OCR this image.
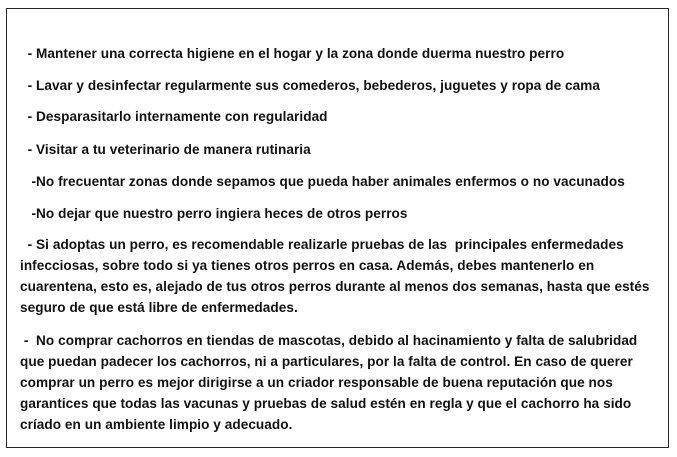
- Mantener una correcta higiene en el hogar y la zona donde duerma nuestro perro

- Lavar y desinfectar regularmente sus comederos, bebederos, juguetes y ropa de cama

- Desparasitarlo internamente con regularidad

- Visitar a tu veterinario de manera rutinaria

-No frecuentar zonas donde sepamos que pueda haber animales enfermos o no vacunados

-No dejar que nuestro perro ingiera heces de otros perros

- Si adoptas un perro, es recomendable realizarle pruebas de las  principales enfermedades
infecciosas, sobre todo si ya tienes otros perros en casa. Además, debes mantenerlo en
cuarentena, esto es, alejado de tus otros perros durante al menos dos semanas, hasta que estés
seguro de que está libre de enfermedades.
-  No comprar cachorros en tiendas de mascotas, debido al hacinamiento y falta de salubridad
que puedan padecer los cachorros, ni a particulares, por la falta de control. En caso de querer
comprar un perro es mejor dirigirse a un criador responsable de buena reputación que nos
garantices que todas las vacunas y pruebas de salud estén en regla y que el cachorro ha sido
críado en un ambiente limpio y adecuado.
